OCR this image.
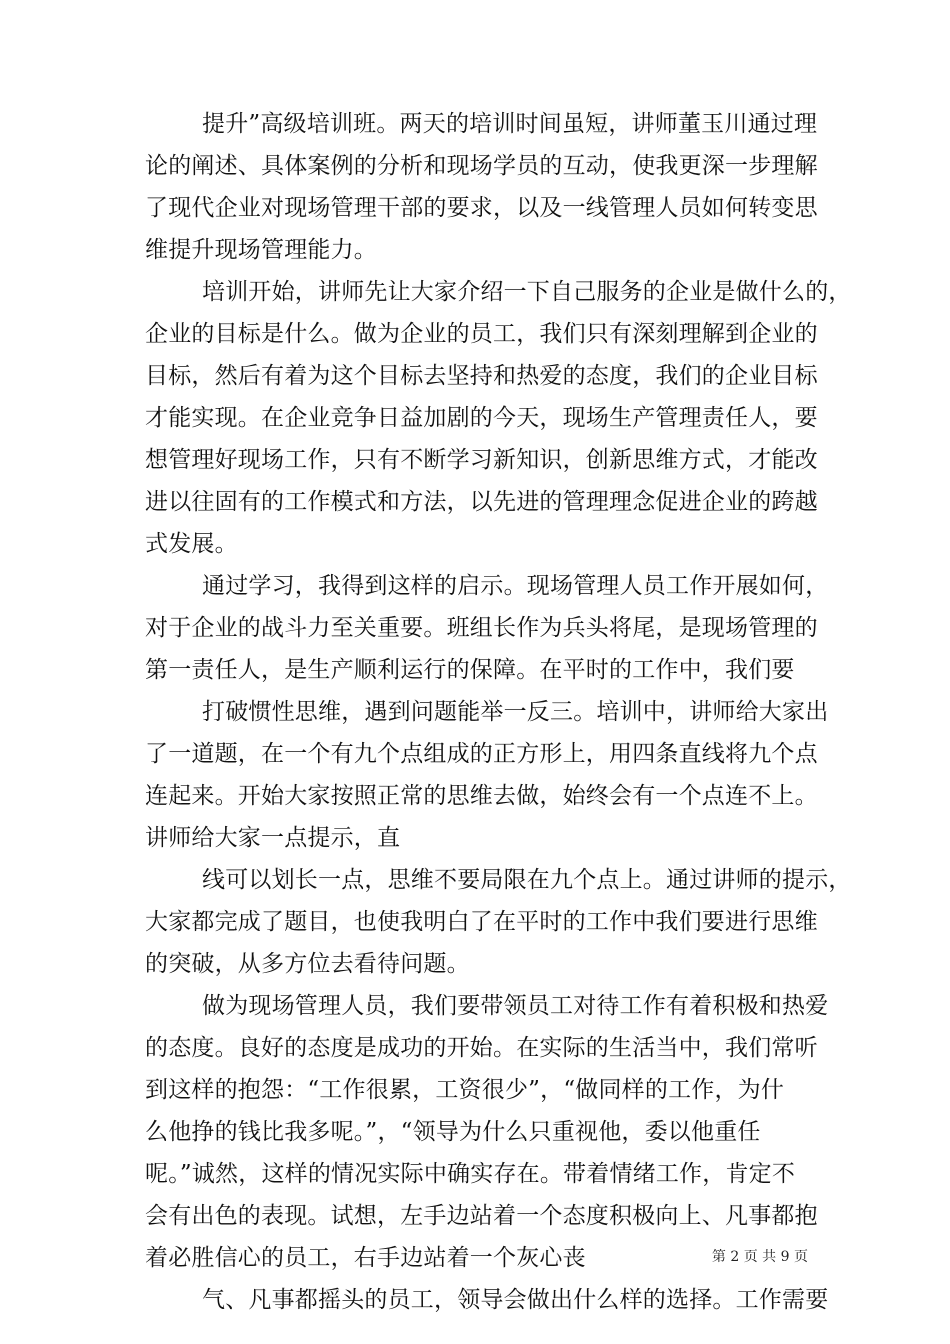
提升”高级培训班。两天的培训时间虽短，讲师董玉川通过理
论的阐述、具体案例的分析和现场学员的互动，使我更深一步理解
了现代企业对现场管理干部的要求，以及一线管理人员如何转变思
维提升现场管理能力。
培训开始，讲师先让大家介绍一下自己服务的企业是做什么的，
企业的目标是什么。做为企业的员工，我们只有深刻理解到企业的
目标，然后有着为这个目标去坚持和热爱的态度，我们的企业目标
才能实现。在企业竞争日益加剧的今天，现场生产管理责任人，要
想管理好现场工作，只有不断学习新知识，创新思维方式，才能改
进以往固有的工作模式和方法，以先进的管理理念促进企业的跨越
式发展。
通过学习，我得到这样的启示。现场管理人员工作开展如何，
对于企业的战斗力至关重要。班组长作为兵头将尾，是现场管理的
第一责任人，是生产顺利运行的保障。在平时的工作中，我们要
打破惯性思维，遇到问题能举一反三。培训中，讲师给大家出
了一道题，在一个有九个点组成的正方形上，用四条直线将九个点
连起来。开始大家按照正常的思维去做，始终会有一个点连不上。
讲师给大家一点提示，直
线可以划长一点，思维不要局限在九个点上。通过讲师的提示，
大家都完成了题目，也使我明白了在平时的工作中我们要进行思维
的突破，从多方位去看待问题。
做为现场管理人员，我们要带领员工对待工作有着积极和热爱
的态度。良好的态度是成功的开始。在实际的生活当中，我们常听
到这样的抱怨：“工作很累，工资很少”，“做同样的工作，为什
么他挣的钱比我多呢。”，“领导为什么只重视他，委以他重任
呢。”诚然，这样的情况实际中确实存在。带着情绪工作，肯定不
会有出色的表现。试想，左手边站着一个态度积极向上、凡事都抱
着必胜信心的员工，右手边站着一个灰心丧
气、凡事都摇头的员工，领导会做出什么样的选择。工作需要
第 2 页 共 9 页
